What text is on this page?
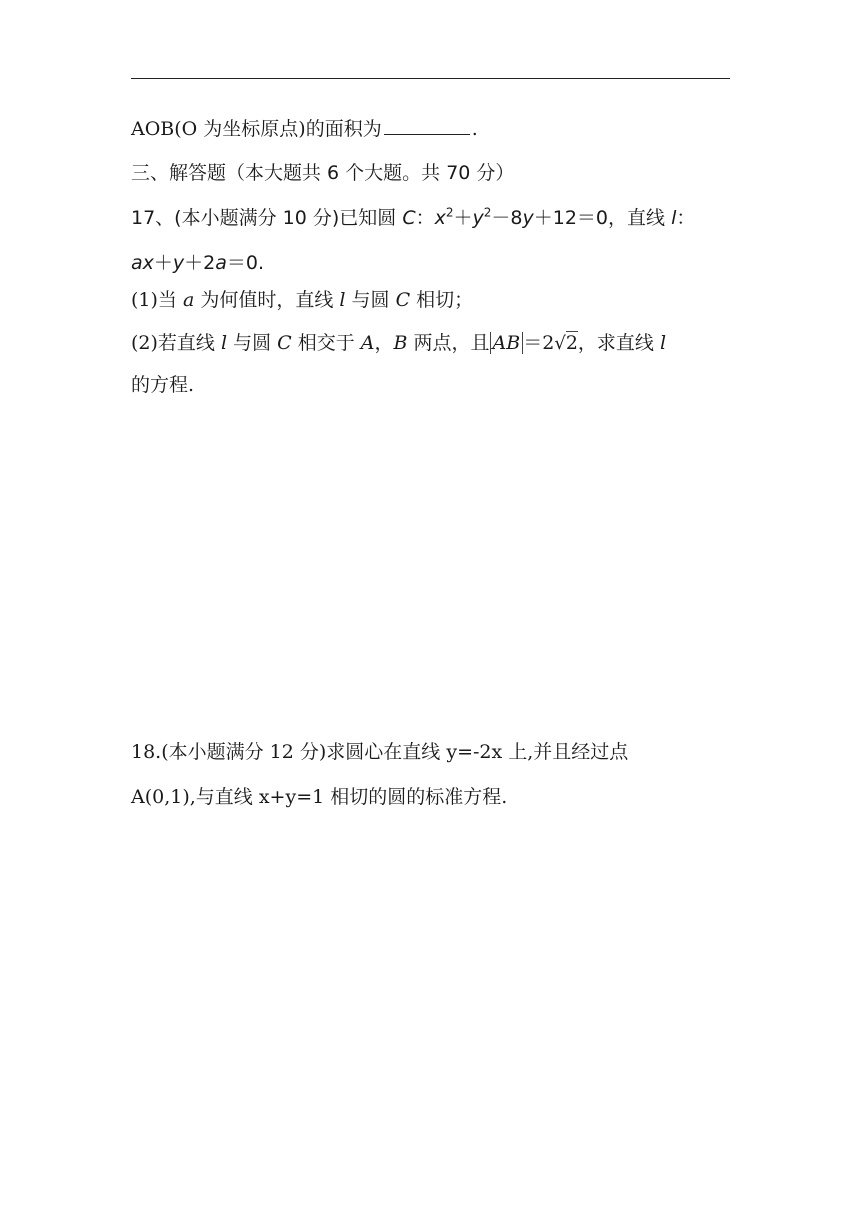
AOB(O 为坐标原点)的面积为	.
三、解答题（本大题共 6 个大题。共 70 分）
17、(本小题满分 10 分)已知圆 C：$x^2+y^2-8y+12=0$，直线 l：
ax＋y＋2a＝0.
(1)当 a 为何值时，直线 l 与圆 C 相切；
(2)若直线 l 与圆 C 相交于 A，B 两点，且 AB ＝2√2，求直线 l
的方程.
18.(本小题满分 12 分)求圆心在直线 y=-2x 上,并且经过点
A(0,1),与直线 x+y=1 相切的圆的标准方程.
